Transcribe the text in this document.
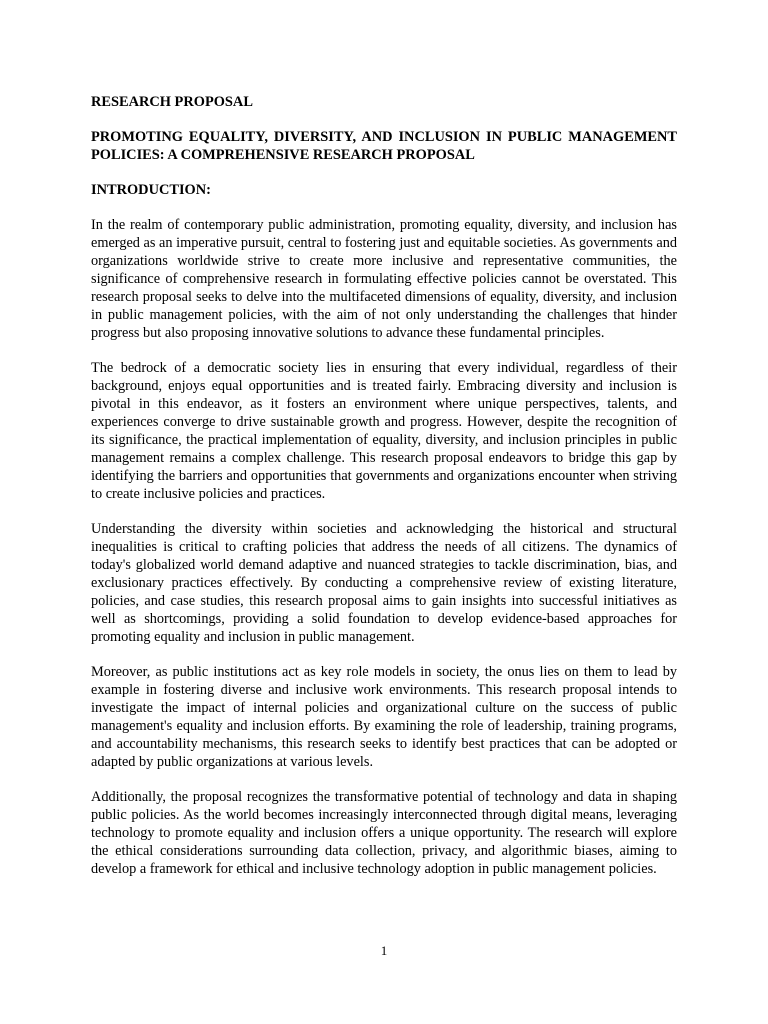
RESEARCH PROPOSAL
PROMOTING EQUALITY, DIVERSITY, AND INCLUSION IN PUBLIC MANAGEMENT POLICIES: A COMPREHENSIVE RESEARCH PROPOSAL
INTRODUCTION:

In the realm of contemporary public administration, promoting equality, diversity, and inclusion has emerged as an imperative pursuit, central to fostering just and equitable societies. As governments and organizations worldwide strive to create more inclusive and representative communities, the significance of comprehensive research in formulating effective policies cannot be overstated. This research proposal seeks to delve into the multifaceted dimensions of equality, diversity, and inclusion in public management policies, with the aim of not only understanding the challenges that hinder progress but also proposing innovative solutions to advance these fundamental principles.

The bedrock of a democratic society lies in ensuring that every individual, regardless of their background, enjoys equal opportunities and is treated fairly. Embracing diversity and inclusion is pivotal in this endeavor, as it fosters an environment where unique perspectives, talents, and experiences converge to drive sustainable growth and progress. However, despite the recognition of its significance, the practical implementation of equality, diversity, and inclusion principles in public management remains a complex challenge. This research proposal endeavors to bridge this gap by identifying the barriers and opportunities that governments and organizations encounter when striving to create inclusive policies and practices.

Understanding the diversity within societies and acknowledging the historical and structural inequalities is critical to crafting policies that address the needs of all citizens. The dynamics of today's globalized world demand adaptive and nuanced strategies to tackle discrimination, bias, and exclusionary practices effectively. By conducting a comprehensive review of existing literature, policies, and case studies, this research proposal aims to gain insights into successful initiatives as well as shortcomings, providing a solid foundation to develop evidence-based approaches for promoting equality and inclusion in public management.

Moreover, as public institutions act as key role models in society, the onus lies on them to lead by example in fostering diverse and inclusive work environments. This research proposal intends to investigate the impact of internal policies and organizational culture on the success of public management's equality and inclusion efforts. By examining the role of leadership, training programs, and accountability mechanisms, this research seeks to identify best practices that can be adopted or adapted by public organizations at various levels.

Additionally, the proposal recognizes the transformative potential of technology and data in shaping public policies. As the world becomes increasingly interconnected through digital means, leveraging technology to promote equality and inclusion offers a unique opportunity. The research will explore the ethical considerations surrounding data collection, privacy, and algorithmic biases, aiming to develop a framework for ethical and inclusive technology adoption in public management policies.

1
